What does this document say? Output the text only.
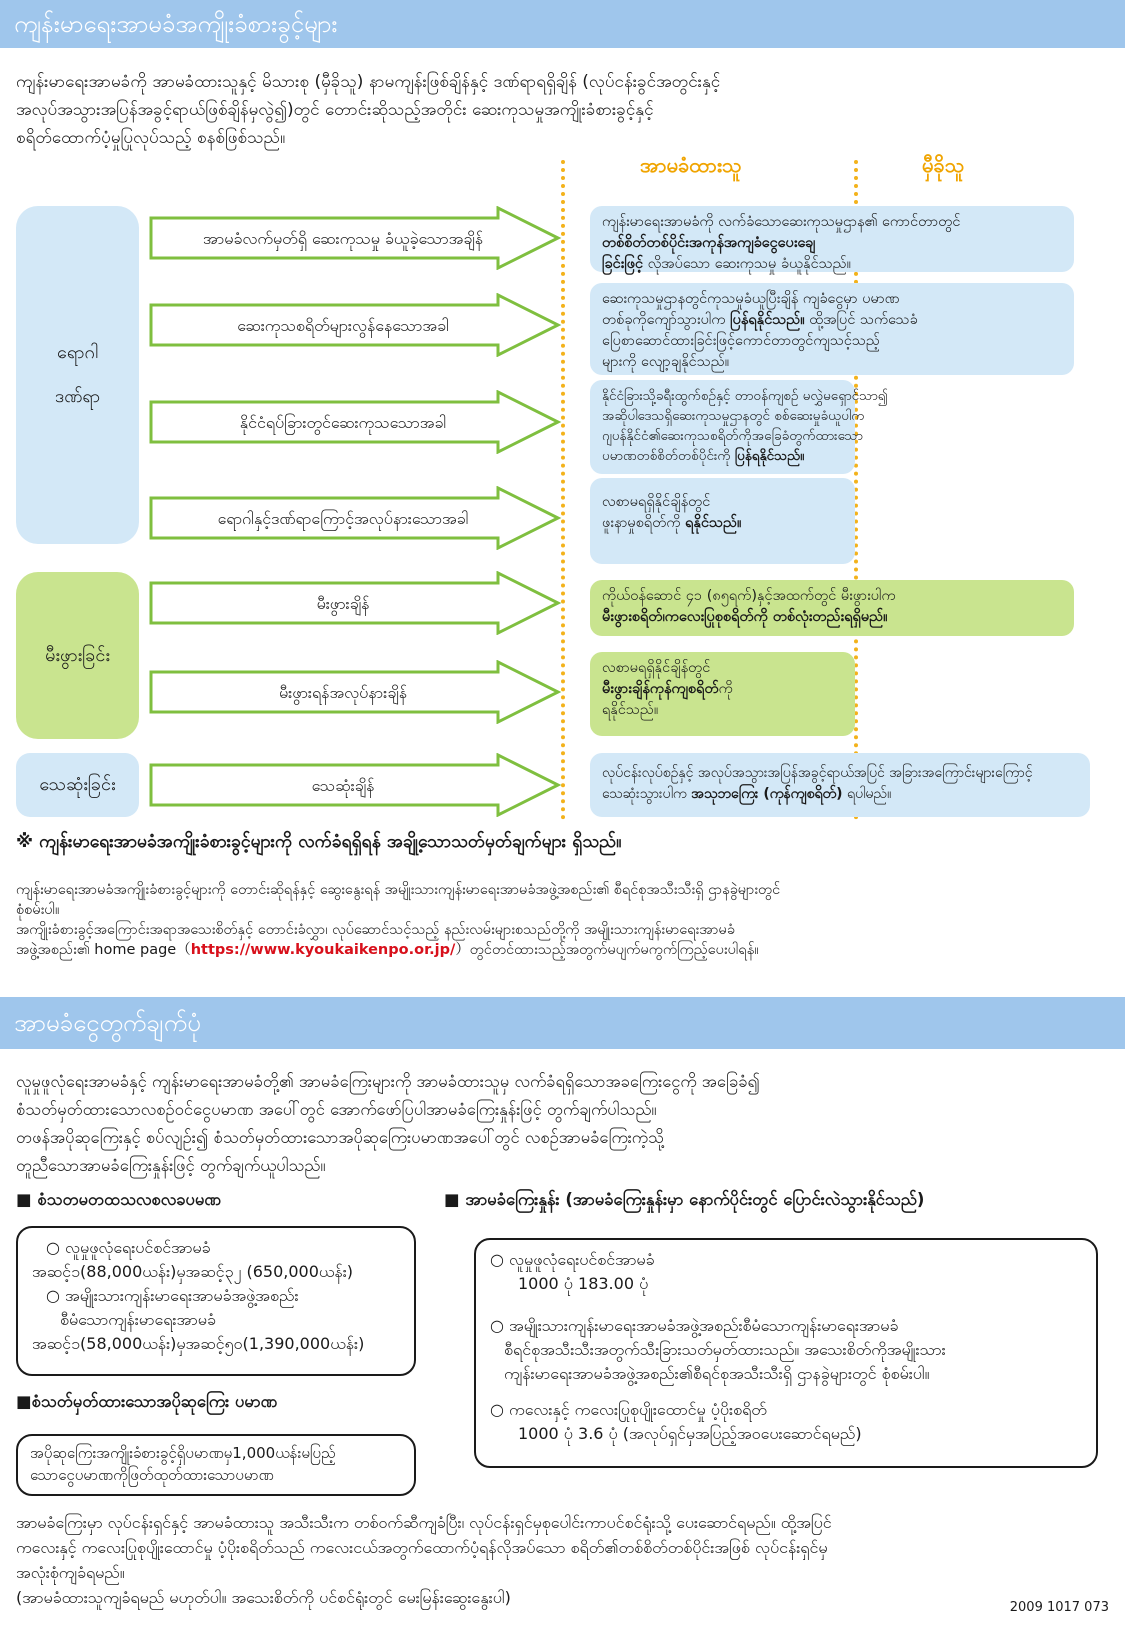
ကျန်းမာရေးအာမခံအကျိုးခံစားခွင့်များ
ကျန်းမာရေးအာမခံကို အာမခံထားသူနှင့် မိသားစု (မှီခိုသူ) နာမကျန်းဖြစ်ချိန်နှင့် ဒဏ်ရာရရှိချိန် (လုပ်ငန်းခွင်အတွင်းနှင့်
အလုပ်အသွားအပြန်အခွင့်ရာယ်ဖြစ်ချိန်မှလွဲ၍)တွင် တောင်းဆိုသည့်အတိုင်း ဆေးကုသမှုအကျိုးခံစားခွင့်နှင့်
စရိတ်ထောက်ပံ့မှုပြုလုပ်သည့် စနစ်ဖြစ်သည်။
အာမခံထားသူ	မှီခိုသူ
ရောဂါ
ဒဏ်ရာ
မီးဖွားခြင်း
သေဆုံးခြင်း
အာမခံလက်မှတ်ရှိ ဆေးကုသမှု ခံယူခဲ့သောအချိန်
ဆေးကုသစရိတ်များလွန်နေသောအခါ
နိုင်ငံရပ်ခြားတွင်ဆေးကုသသောအခါ
ရောဂါနှင့်ဒဏ်ရာကြောင့်အလုပ်နားသောအခါ
မီးဖွားချိန်
မီးဖွားရန်အလုပ်နားချိန်
သေဆုံးချိန်
ကျန်းမာရေးအာမခံကို လက်ခံသောဆေးကုသမှုဌာန၏ ကောင်တာတွင်
တစ်စိတ်တစ်ပိုင်းအကုန်အကျခံငွေပေးချေ
ခြင်းဖြင့် လိုအပ်သော ဆေးကုသမှု ခံယူနိုင်သည်။
ဆေးကုသမှုဌာနတွင်ကုသမှုခံယူပြီးချိန် ကျခံငွေမှာ ပမာဏ
တစ်ခုကိုကျော်သွားပါက ပြန်ရနိုင်သည်။ ထို့အပြင် သက်သေခံ
ပြေစာဆောင်ထားခြင်းဖြင့်ကောင်တာတွင်ကျသင့်သည့်
များကို လျော့ချနိုင်သည်။
နိုင်ငံခြားသို့ခရီးထွက်စဉ်နှင့် တာဝန်ကျစဉ် မလွှဲမရှောင်သာ၍
အဆိုပါဒေသရှိဆေးကုသမှုဌာနတွင် စစ်ဆေးမှုခံယူပါက
ဂျပန်နိုင်ငံ၏ဆေးကုသစရိတ်ကိုအခြေခံတွက်ထားသော
ပမာဏတစ်စိတ်တစ်ပိုင်းကို ပြန်ရနိုင်သည်။
လစာမရရှိနိုင်ချိန်တွင်
ဖူးနာမှုစရိတ်ကို ရနိုင်သည်။
ကိုယ်ဝန်ဆောင် ၄၁ (၈၅ရက်)နှင့်အထက်တွင် မီးဖွားပါက
မီးဖွားစရိတ်၊ကလေးပြုစုစရိတ်ကို တစ်လုံးတည်းရရှိမည်။
လစာမရရှိနိုင်ချိန်တွင်
မီးဖွားချိန်ကုန်ကျစရိတ်ကို
ရနိုင်သည်။
လုပ်ငန်းလုပ်စဉ်နှင့် အလုပ်အသွားအပြန်အခွင့်ရာယ်အပြင် အခြားအကြောင်းများကြောင့်
သေဆုံးသွားပါက အသုဘကြေး (ကုန်ကျစရိတ်) ရပါမည်။
※ ကျန်းမာရေးအာမခံအကျိုးခံစားခွင့်များကို လက်ခံရရှိရန် အချို့သောသတ်မှတ်ချက်များ ရှိသည်။
ကျန်းမာရေးအာမခံအကျိုးခံစားခွင့်များကို တောင်းဆိုရန်နှင့် ဆွေးနွေးရန် အမျိုးသားကျန်းမာရေးအာမခံအဖွဲ့အစည်း၏ စီရင်စုအသီးသီးရှိ ဌာနခွဲများတွင်
စုံစမ်းပါ။
အကျိုးခံစားခွင့်အကြောင်းအရာအသေးစိတ်နှင့် တောင်းခံလွှာ၊ လုပ်ဆောင်သင့်သည့် နည်းလမ်းများစသည်တို့ကို အမျိုးသားကျန်းမာရေးအာမခံ
အဖွဲ့အစည်း၏ home page（https://www.kyoukaikenpo.or.jp/）တွင်တင်ထားသည့်အတွက်မပျက်မကွက်ကြည့်ပေးပါရန်။
အာမခံငွေတွက်ချက်ပုံ
လူမှုဖူလုံရေးအာမခံနှင့် ကျန်းမာရေးအာမခံတို့၏ အာမခံကြေးများကို အာမခံထားသူမှ လက်ခံရရှိသောအခကြေးငွေကို အခြေခံ၍
စံသတ်မှတ်ထားသောလစဉ်ဝင်ငွေပမာဏ အပေါ်တွင် အောက်ဖော်ပြပါအာမခံကြေးနှုန်းဖြင့် တွက်ချက်ပါသည်။
တဖန်အပိုဆုကြေးနှင့် စပ်လျဉ်း၍ စံသတ်မှတ်ထားသောအပိုဆုကြေးပမာဏအပေါ်တွင် လစဉ်အာမခံကြေးကဲ့သို့
တူညီသောအာမခံကြေးနှုန်းဖြင့် တွက်ချက်ယူပါသည်။
■ စံသတမတထသလစလခပမဏ	■ အာမခံကြေးနှုန်း (အာမခံကြေးနှုန်းမှာ နောက်ပိုင်းတွင် ပြောင်းလဲသွားနိုင်သည်)
○ လူမှုဖူလုံရေးပင်စင်အာမခံ
အဆင့်၁(88,000ယန်း)မှအဆင့်၃၂ (650,000ယန်း)
○ အမျိုးသားကျန်းမာရေးအာမခံအဖွဲ့အစည်း
စီမံသောကျန်းမာရေးအာမခံ
အဆင့်၁(58,000ယန်း)မှအဆင့်၅၀(1,390,000ယန်း)
■စံသတ်မှတ်ထားသောအပိုဆုကြေး ပမာဏ
အပိုဆုကြေးအကျိုးခံစားခွင့်ရှိပမာဏမှ1,000ယန်းမပြည့်
သောငွေပမာဏကိုဖြတ်ထုတ်ထားသောပမာဏ
○ လူမှုဖူလုံရေးပင်စင်အာမခံ
1000 ပုံ 183.00 ပုံ
○ အမျိုးသားကျန်းမာရေးအာမခံအဖွဲ့အစည်းစီမံသောကျန်းမာရေးအာမခံ
စီရင်စုအသီးသီးအတွက်သီးခြားသတ်မှတ်ထားသည်။ အသေးစိတ်ကိုအမျိုးသား
ကျန်းမာရေးအာမခံအဖွဲ့အစည်း၏စီရင်စုအသီးသီးရှိ ဌာနခွဲများတွင် စုံစမ်းပါ။
○ ကလေးနှင့် ကလေးပြုစုပျိုးထောင်မှု ပံ့ပိုးစရိတ်
1000 ပုံ 3.6 ပုံ (အလုပ်ရှင်မှအပြည့်အဝပေးဆောင်ရမည်)
အာမခံကြေးမှာ လုပ်ငန်းရှင်နှင့် အာမခံထားသူ အသီးသီးက တစ်ဝက်ဆီကျခံပြီး၊ လုပ်ငန်းရှင်မှစုပေါင်းကာပင်စင်ရုံးသို့ ပေးဆောင်ရမည်။ ထို့အပြင်
ကလေးနှင့် ကလေးပြုစုပျိုးထောင်မှု ပံ့ပိုးစရိတ်သည် ကလေးငယ်အတွက်ထောက်ပံ့ရန်လိုအပ်သော စရိတ်၏တစ်စိတ်တစ်ပိုင်းအဖြစ် လုပ်ငန်းရှင်မှ
အလုံးစုံကျခံရမည်။
(အာမခံထားသူကျခံရမည် မဟုတ်ပါ။ အသေးစိတ်ကို ပင်စင်ရုံးတွင် မေးမြန်းဆွေးနွေးပါ)
2009 1017 073
